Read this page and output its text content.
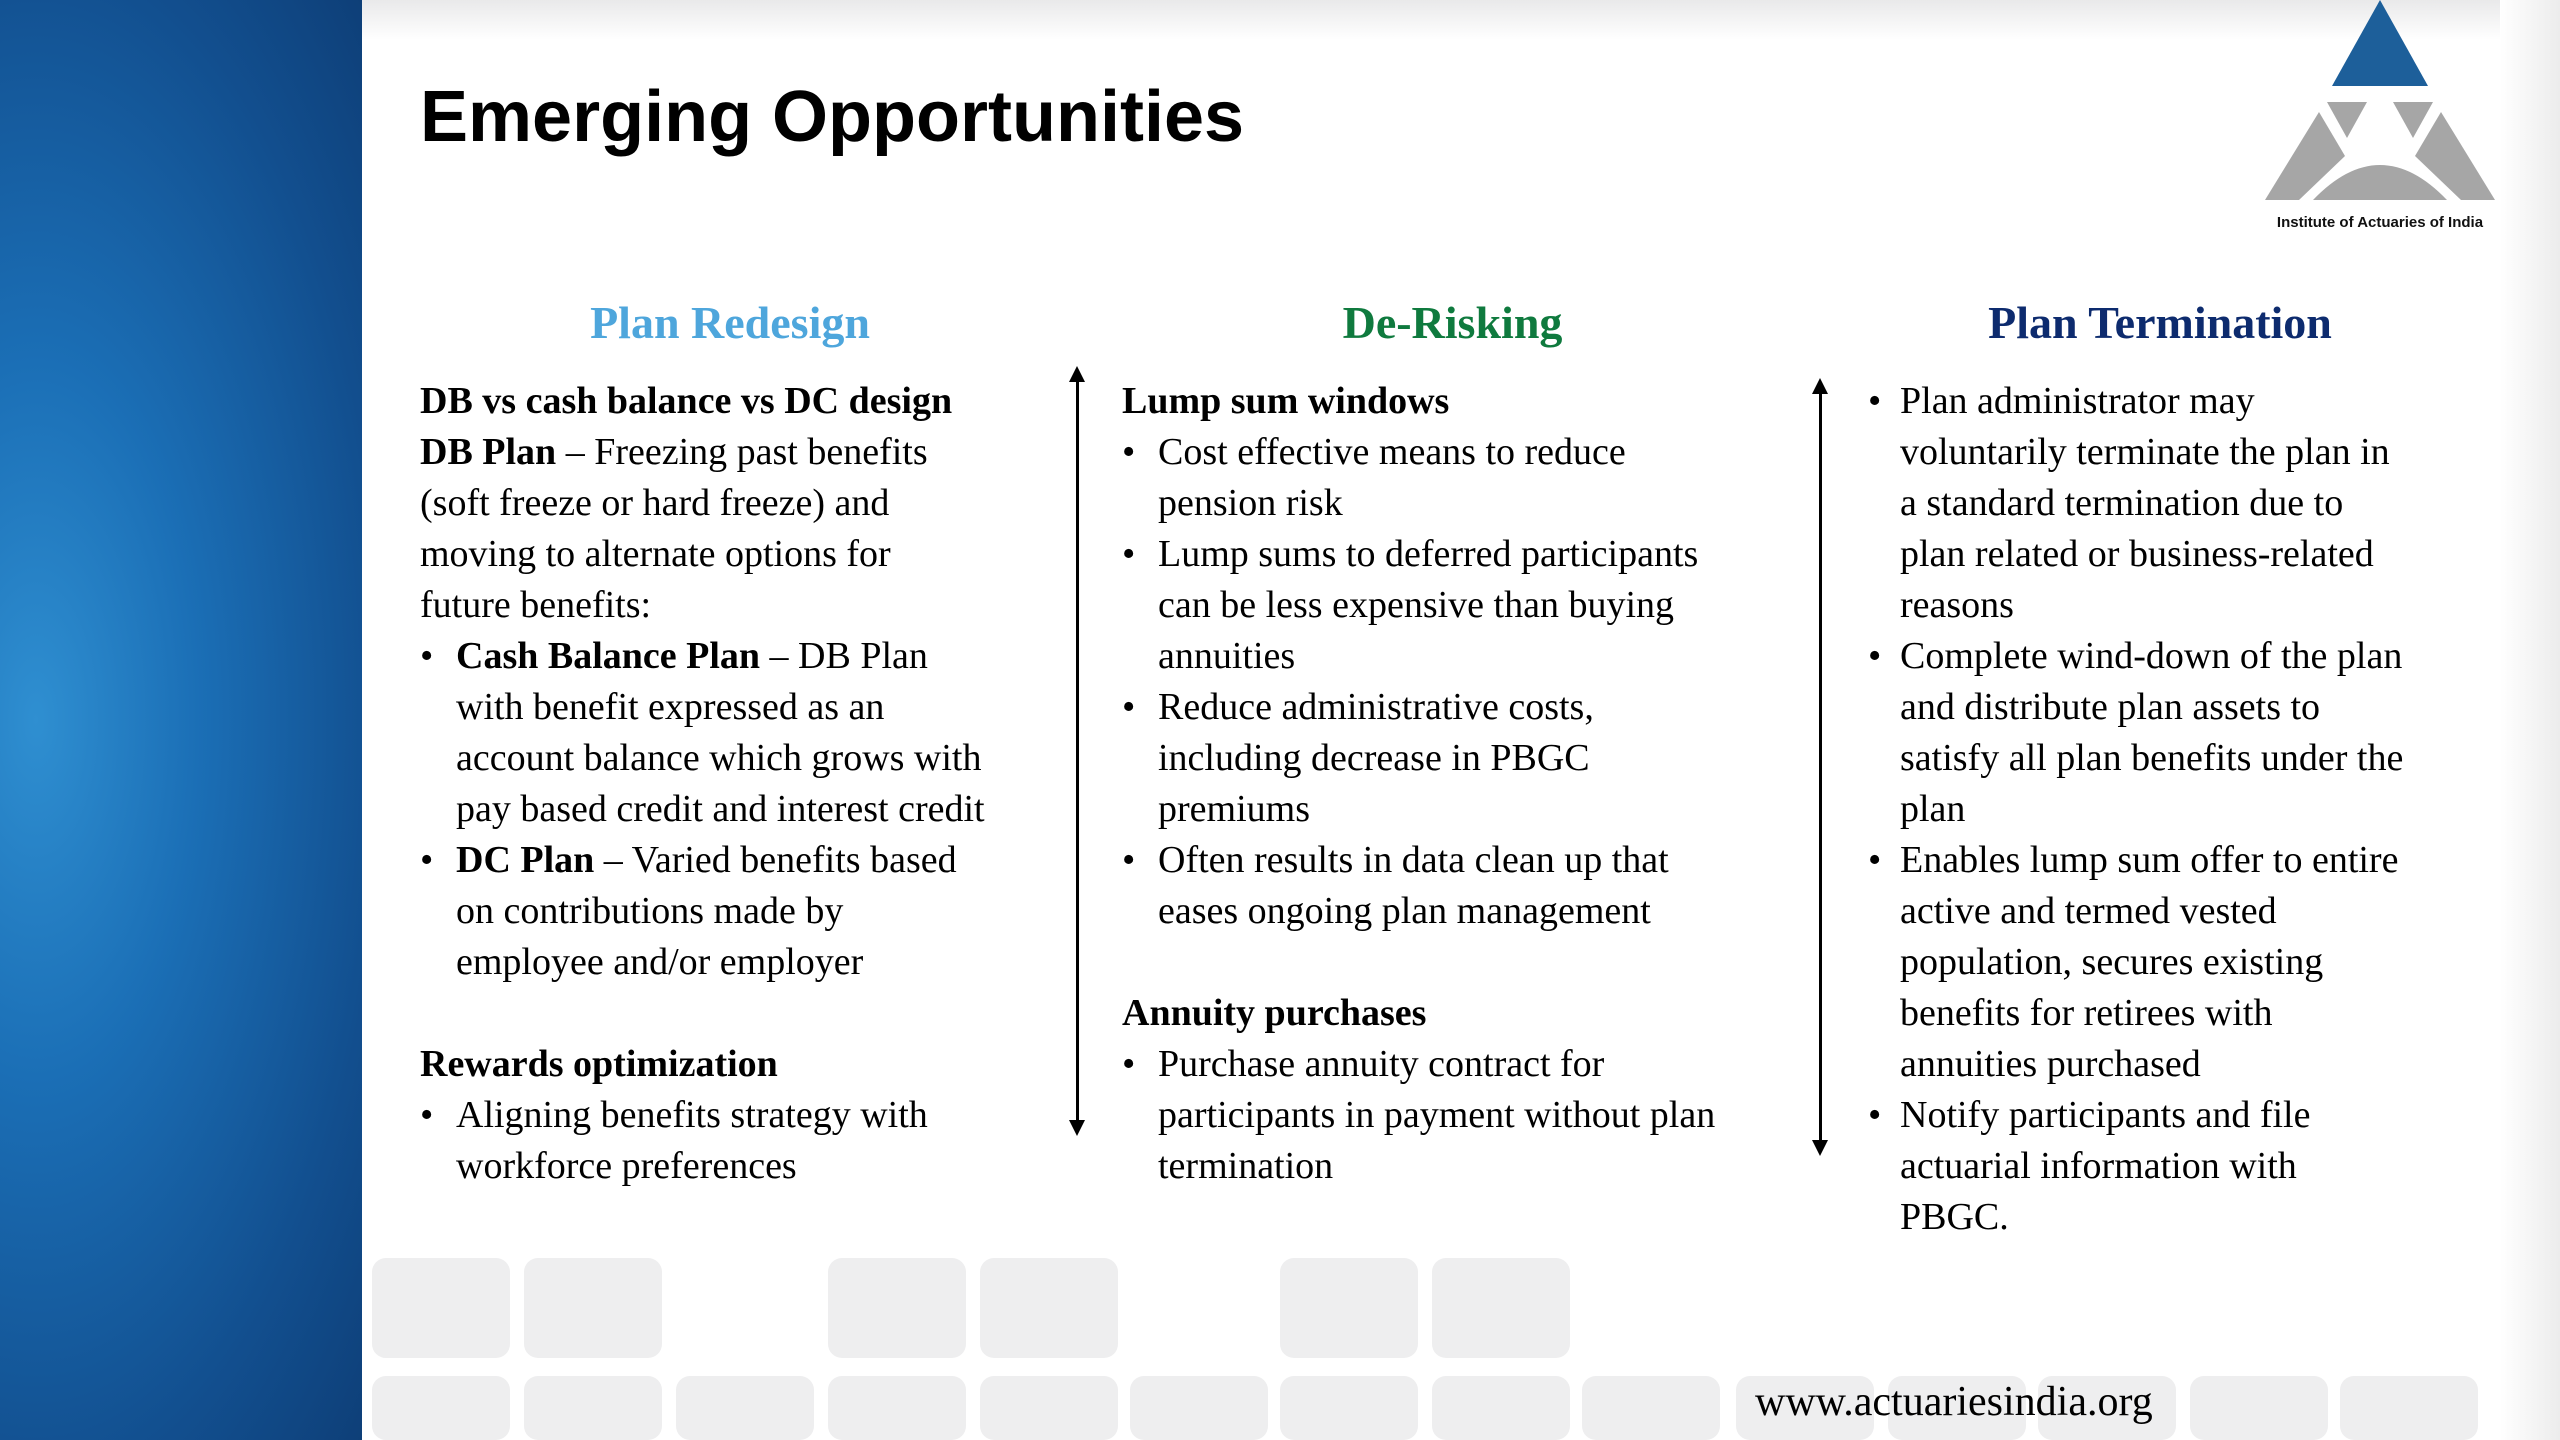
Emerging Opportunities
Institute of Actuaries of India
Plan Redesign

DB vs cash balance vs DC design

DB Plan – Freezing past benefits

(soft freeze or hard freeze) and

moving to alternate options for

future benefits:

• Cash Balance Plan – DB Plan

with benefit expressed as an

account balance which grows with

pay based credit and interest credit

• DC Plan – Varied benefits based

on contributions made by

employee and/or employer

Rewards optimization

• Aligning benefits strategy with

workforce preferences

De-Risking

Lump sum windows

• Cost effective means to reduce

pension risk

• Lump sums to deferred participants

can be less expensive than buying

annuities

• Reduce administrative costs,

including decrease in PBGC

premiums

• Often results in data clean up that

eases ongoing plan management

Annuity purchases

• Purchase annuity contract for

participants in payment without plan

termination

Plan Termination

• Plan administrator may

voluntarily terminate the plan in

a standard termination due to

plan related or business-related

reasons

• Complete wind-down of the plan

and distribute plan assets to

satisfy all plan benefits under the

plan

• Enables lump sum offer to entire

active and termed vested

population, secures existing

benefits for retirees with

annuities purchased

• Notify participants and file

actuarial information with

PBGC.

www.actuariesindia.org
